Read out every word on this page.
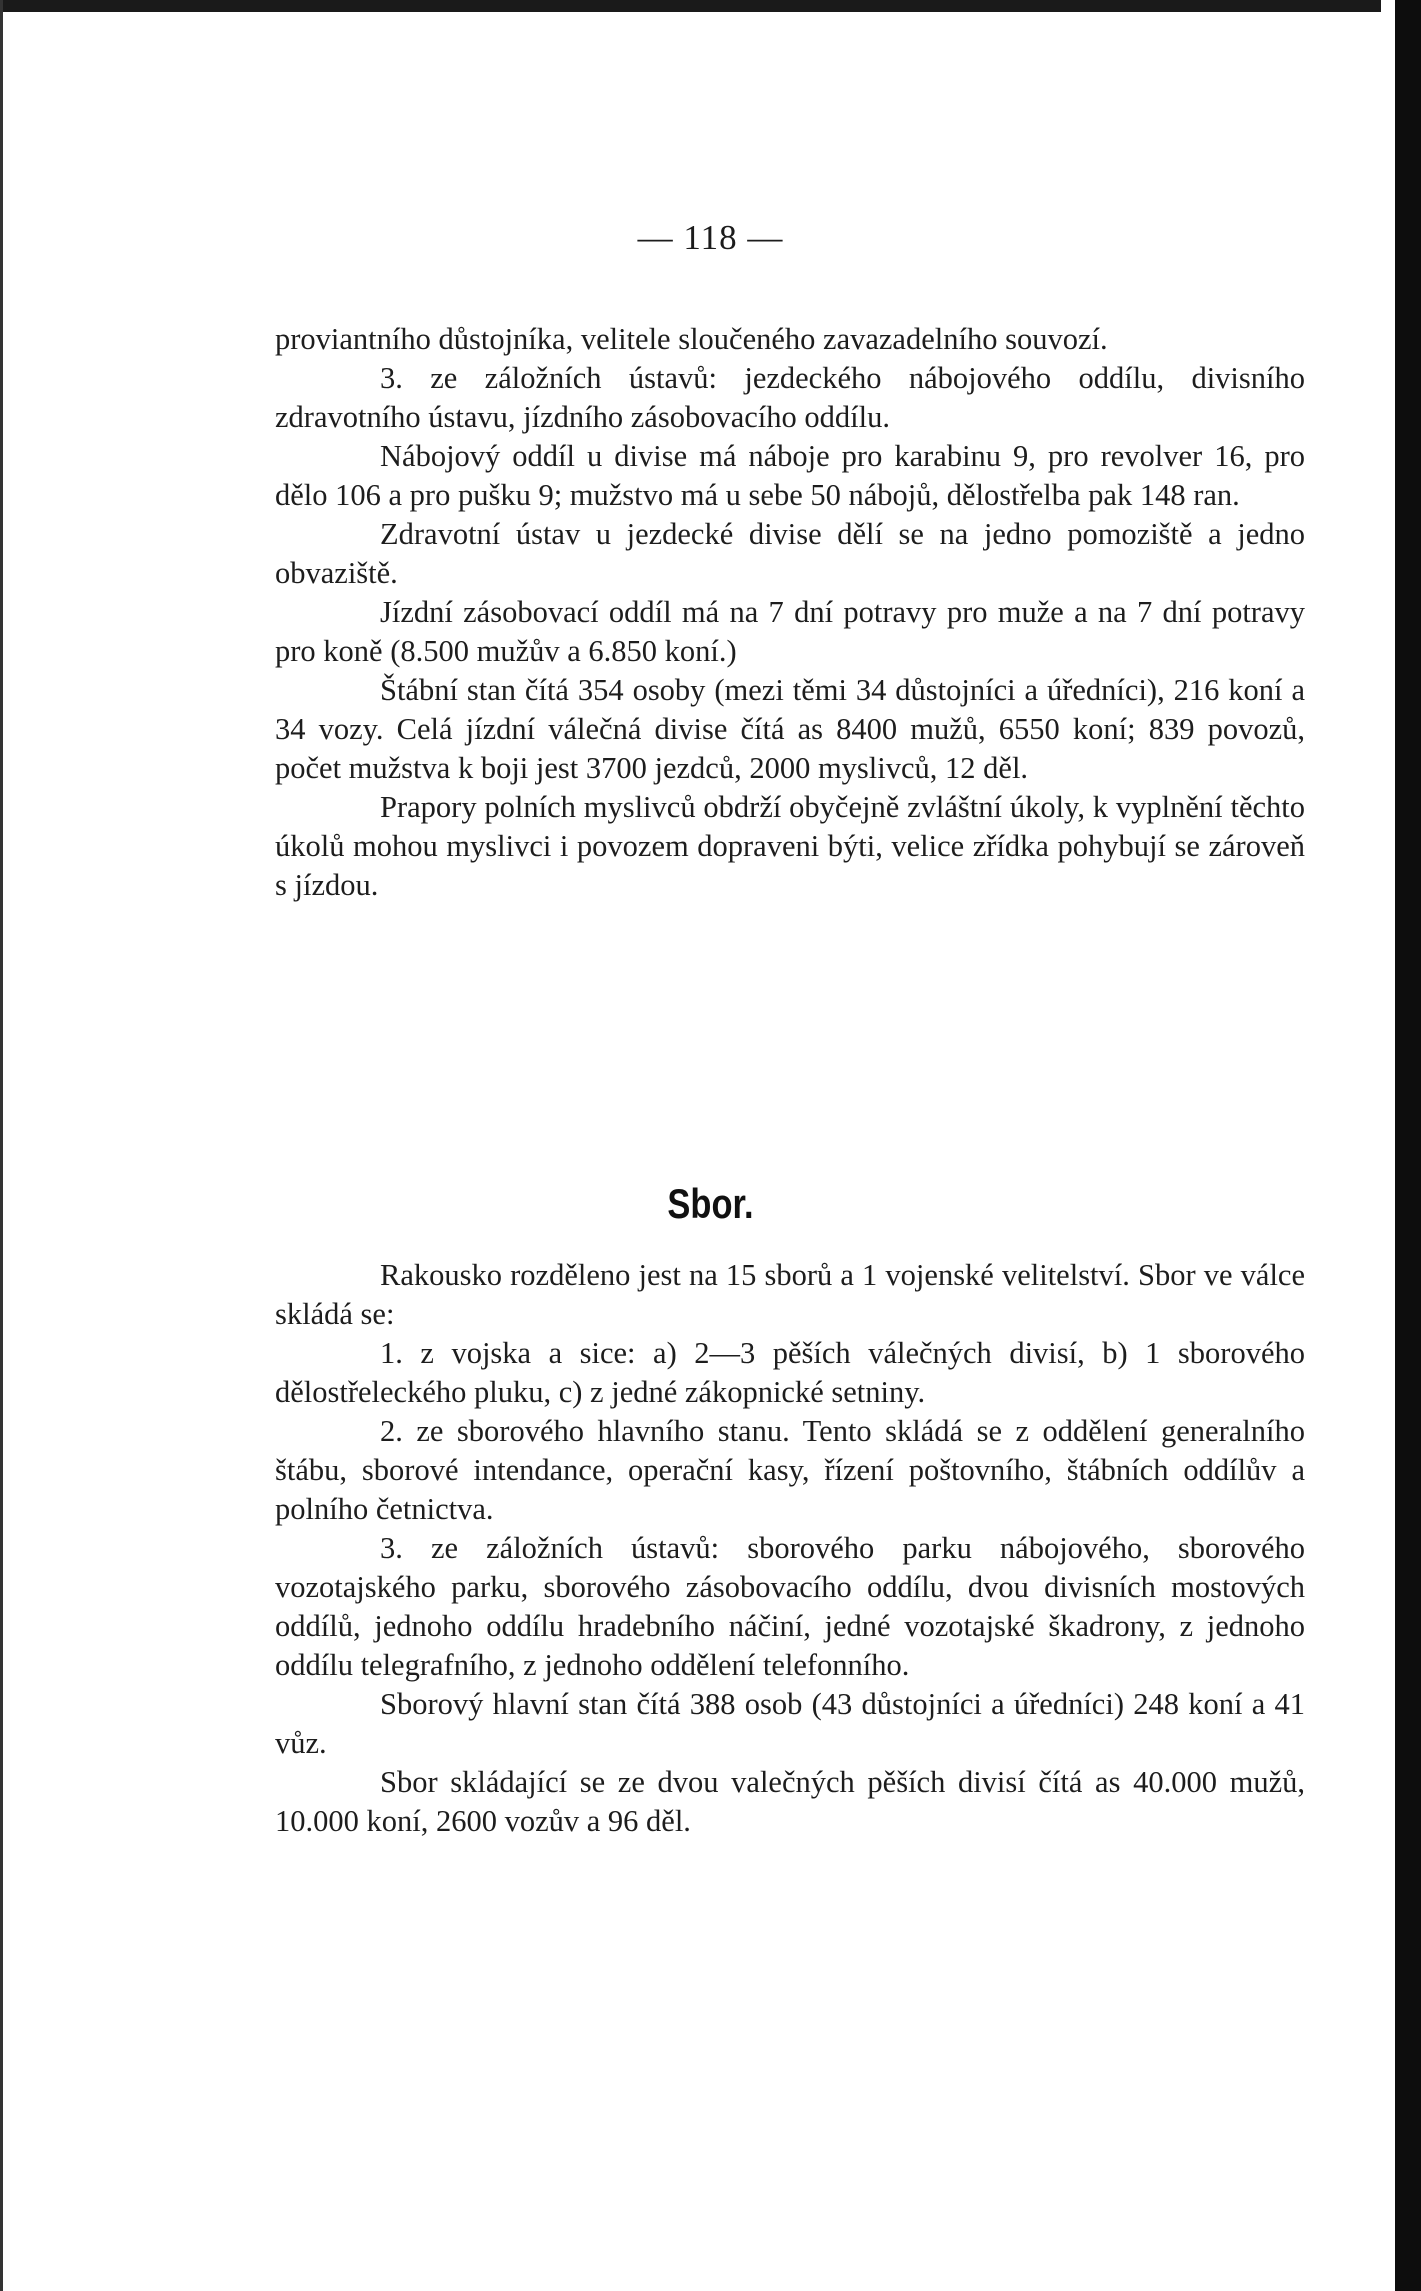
— 118 —

proviantního důstojníka, velitele sloučeného zavazadelního souvozí.

3. ze záložních ústavů: jezdeckého nábojového oddílu, divisního zdravotního ústavu, jízdního zásobovacího oddílu.

Nábojový oddíl u divise má náboje pro karabinu 9, pro revolver 16, pro dělo 106 a pro pušku 9; mužstvo má u sebe 50 nábojů, dělostřelba pak 148 ran.

Zdravotní ústav u jezdecké divise dělí se na jedno pomoziště a jedno obvaziště.

Jízdní zásobovací oddíl má na 7 dní potravy pro muže a na 7 dní potravy pro koně (8.500 mužův a 6.850 koní.)

Štábní stan čítá 354 osoby (mezi těmi 34 důstojníci a úředníci), 216 koní a 34 vozy. Celá jízdní válečná divise čítá as 8400 mužů, 6550 koní; 839 povozů, počet mužstva k boji jest 3700 jezdců, 2000 myslivců, 12 děl.

Prapory polních myslivců obdrží obyčejně zvláštní úkoly, k vyplnění těchto úkolů mohou myslivci i povozem dopraveni býti, velice zřídka pohybují se zároveň s jízdou.

Sbor.

Rakousko rozděleno jest na 15 sborů a 1 vojenské velitelství. Sbor ve válce skládá se:

1. z vojska a sice: a) 2—3 pěších válečných divisí, b) 1 sborového dělostřeleckého pluku, c) z jedné zákopnické setniny.

2. ze sborového hlavního stanu. Tento skládá se z oddělení generalního štábu, sborové intendance, operační kasy, řízení poštovního, štábních oddílův a polního četnictva.

3. ze záložních ústavů: sborového parku nábojového, sborového vozotajského parku, sborového zásobovacího oddílu, dvou divisních mostových oddílů, jednoho oddílu hradebního náčiní, jedné vozotajské škadrony, z jednoho oddílu telegrafního, z jednoho oddělení telefonního.

Sborový hlavní stan čítá 388 osob (43 důstojníci a úředníci) 248 koní a 41 vůz.

Sbor skládající se ze dvou valečných pěších divisí čítá as 40.000 mužů, 10.000 koní, 2600 vozův a 96 děl.
